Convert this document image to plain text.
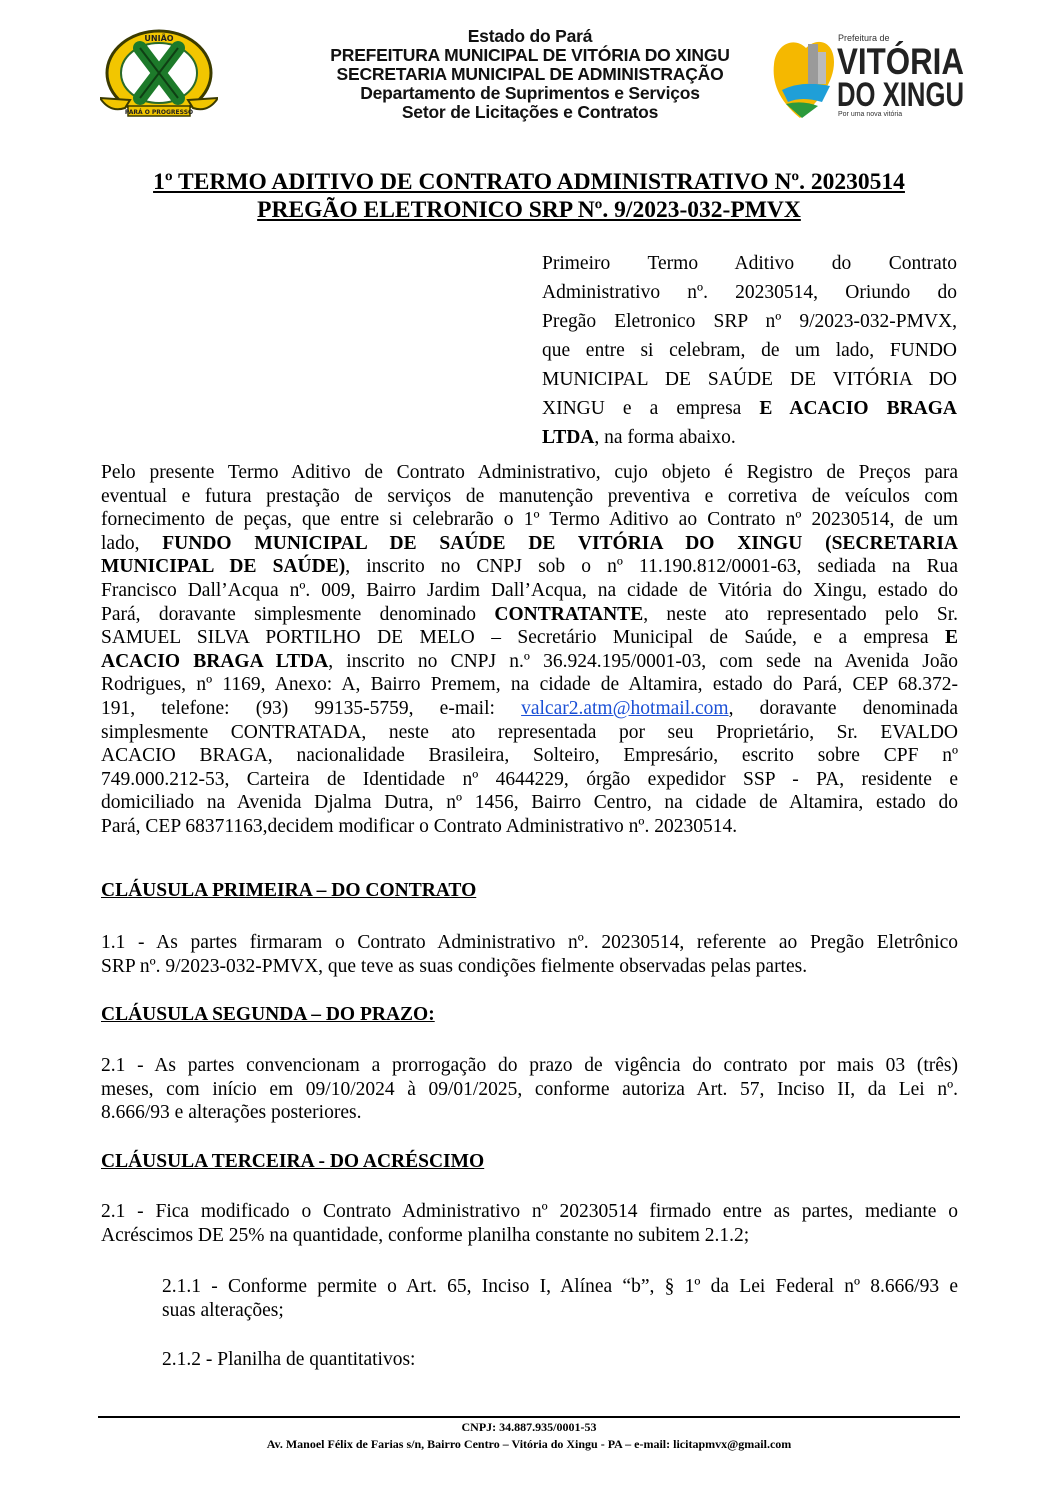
UNIÃO
PARÁ O PROGRESSO
Estado do Pará
PREFEITURA MUNICIPAL DE VITÓRIA DO XINGU
SECRETARIA MUNICIPAL DE ADMINISTRAÇÃO
Departamento de Suprimentos e Serviços
Setor de Licitações e Contratos
Prefeitura de
VITÓRI
DO XINGU
Por uma nova vitória
1º TERMO ADITIVO DE CONTRATO ADMINISTRATIVO Nº. 20230514
PREGÃO ELETRONICO SRP Nº. 9/2023-032-PMVX
Primeiro Termo Aditivo do Contrato
Administrativo nº. 20230514, Oriundo do
Pregão Eletronico SRP nº 9/2023-032-PMVX,
que entre si celebram, de um lado, FUNDO
MUNICIPAL DE SAÚDE DE VITÓRIA DO
XINGU e a empresa E ACACIO BRAGA
LTDA, na forma abaixo.
Pelo presente Termo Aditivo de Contrato Administrativo, cujo objeto é Registro de Preços para
eventual e futura prestação de serviços de manutenção preventiva e corretiva de veículos com
fornecimento de peças, que entre si celebrarão o 1º Termo Aditivo ao Contrato nº 20230514, de um
lado, FUNDO MUNICIPAL DE SAÚDE DE VITÓRIA DO XINGU (SECRETARIA
MUNICIPAL DE SAÚDE), inscrito no CNPJ sob o nº 11.190.812/0001-63, sediada na Rua
Francisco Dall’Acqua nº. 009, Bairro Jardim Dall’Acqua, na cidade de Vitória do Xingu, estado do
Pará, doravante simplesmente denominado CONTRATANTE, neste ato representado pelo Sr.
SAMUEL SILVA PORTILHO DE MELO – Secretário Municipal de Saúde, e a empresa E
ACACIO BRAGA LTDA, inscrito no CNPJ n.º 36.924.195/0001-03, com sede na Avenida João
Rodrigues, nº 1169, Anexo: A, Bairro Premem, na cidade de Altamira, estado do Pará, CEP 68.372-
191, telefone: (93) 99135-5759, e-mail: valcar2.atm@hotmail.com, doravante denominada
simplesmente CONTRATADA, neste ato representada por seu Proprietário, Sr. EVALDO
ACACIO BRAGA, nacionalidade Brasileira, Solteiro, Empresário, escrito sobre CPF nº
749.000.212-53, Carteira de Identidade nº 4644229, órgão expedidor SSP - PA, residente e
domiciliado na Avenida Djalma Dutra, nº 1456, Bairro Centro, na cidade de Altamira, estado do
Pará, CEP 68371163,decidem modificar o Contrato Administrativo nº. 20230514.
CLÁUSULA PRIMEIRA – DO CONTRATO
1.1 - As partes firmaram o Contrato Administrativo nº. 20230514, referente ao Pregão Eletrônico
SRP nº. 9/2023-032-PMVX, que teve as suas condições fielmente observadas pelas partes.
CLÁUSULA SEGUNDA – DO PRAZO:
2.1 - As partes convencionam a prorrogação do prazo de vigência do contrato por mais 03 (três)
meses, com início em 09/10/2024 à 09/01/2025, conforme autoriza Art. 57, Inciso II, da Lei nº.
8.666/93 e alterações posteriores.
CLÁUSULA TERCEIRA - DO ACRÉSCIMO
2.1 - Fica modificado o Contrato Administrativo nº 20230514 firmado entre as partes, mediante o
Acréscimos DE 25% na quantidade, conforme planilha constante no subitem 2.1.2;
2.1.1 - Conforme permite o Art. 65, Inciso I, Alínea “b”, § 1º da Lei Federal nº 8.666/93 e
suas alterações;
2.1.2 - Planilha de quantitativos:
CNPJ: 34.887.935/0001-53
Av. Manoel Félix de Farias s/n, Bairro Centro – Vitória do Xingu - PA – e-mail: licitapmvx@gmail.com
